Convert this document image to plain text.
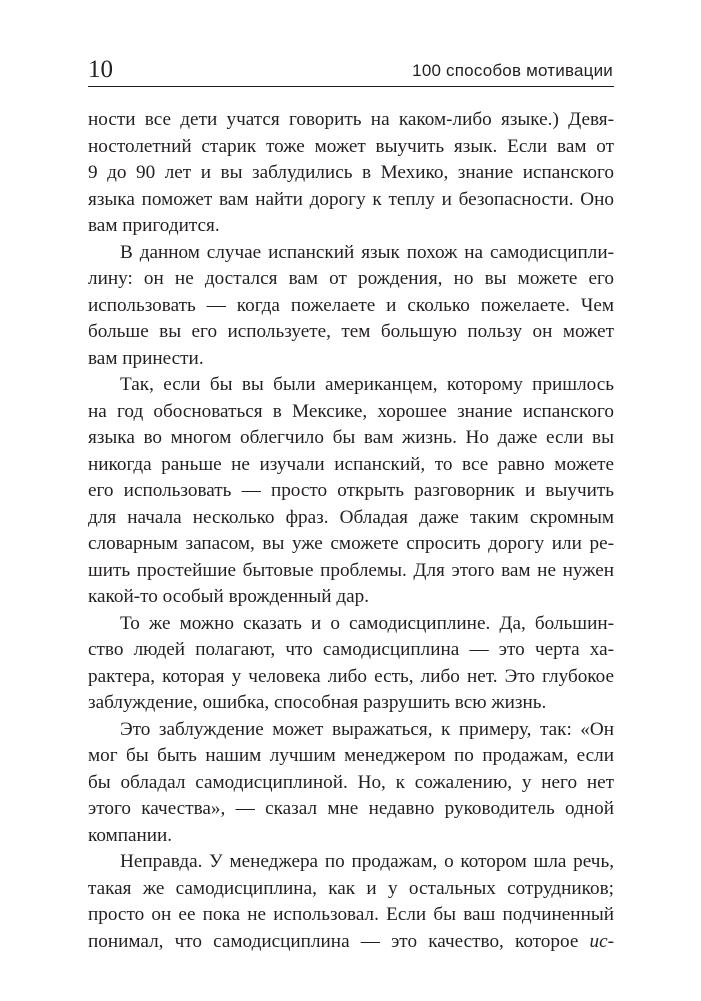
10	100 способов мотивации
ности все дети учатся говорить на каком-либо языке.) Девя-
ностолетний старик тоже может выучить язык. Если вам от
9 до 90 лет и вы заблудились в Мехико, знание испанского
языка поможет вам найти дорогу к теплу и безопасности. Оно
вам пригодится.
В данном случае испанский язык похож на самодисципли-
лину: он не достался вам от рождения, но вы можете его
использовать — когда пожелаете и сколько пожелаете. Чем
больше вы его используете, тем большую пользу он может
вам принести.
Так, если бы вы были американцем, которому пришлось
на год обосноваться в Мексике, хорошее знание испанского
языка во многом облегчило бы вам жизнь. Но даже если вы
никогда раньше не изучали испанский, то все равно можете
его использовать — просто открыть разговорник и выучить
для начала несколько фраз. Обладая даже таким скромным
словарным запасом, вы уже сможете спросить дорогу или ре-
шить простейшие бытовые проблемы. Для этого вам не нужен
какой-то особый врожденный дар.
То же можно сказать и о самодисциплине. Да, большин-
ство людей полагают, что самодисциплина — это черта ха-
рактера, которая у человека либо есть, либо нет. Это глубокое
заблуждение, ошибка, способная разрушить всю жизнь.
Это заблуждение может выражаться, к примеру, так: «Он
мог бы быть нашим лучшим менеджером по продажам, если
бы обладал самодисциплиной. Но, к сожалению, у него нет
этого качества», — сказал мне недавно руководитель одной
компании.
Неправда. У менеджера по продажам, о котором шла речь,
такая же самодисциплина, как и у остальных сотрудников;
просто он ее пока не использовал. Если бы ваш подчиненный
понимал, что самодисциплина — это качество, которое ис-
